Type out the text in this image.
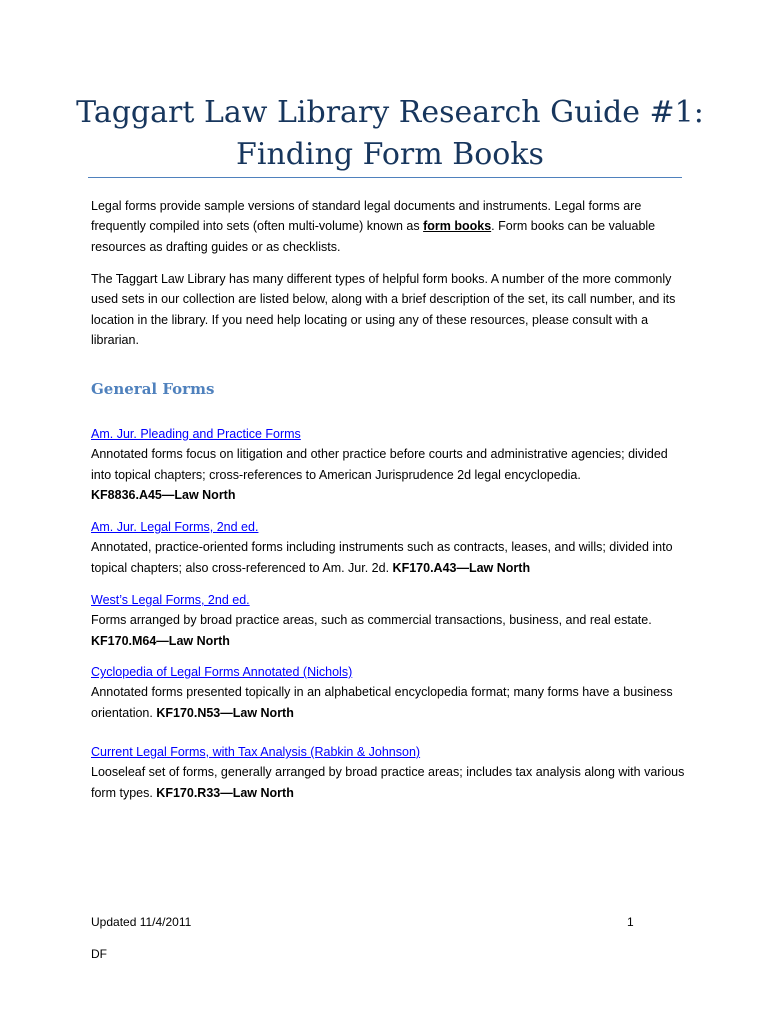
Taggart Law Library Research Guide #1:
Finding Form Books
Legal forms provide sample versions of standard legal documents and instruments. Legal forms are frequently compiled into sets (often multi-volume) known as form books. Form books can be valuable resources as drafting guides or as checklists.
The Taggart Law Library has many different types of helpful form books. A number of the more commonly used sets in our collection are listed below, along with a brief description of the set, its call number, and its location in the library. If you need help locating or using any of these resources, please consult with a librarian.
General Forms
Am. Jur. Pleading and Practice Forms
Annotated forms focus on litigation and other practice before courts and administrative agencies; divided into topical chapters; cross-references to American Jurisprudence 2d legal encyclopedia.
KF8836.A45—Law North
Am. Jur. Legal Forms, 2nd ed.
Annotated, practice-oriented forms including instruments such as contracts, leases, and wills; divided into topical chapters; also cross-referenced to Am. Jur. 2d. KF170.A43—Law North
West’s Legal Forms, 2nd ed.
Forms arranged by broad practice areas, such as commercial transactions, business, and real estate.
KF170.M64—Law North
Cyclopedia of Legal Forms Annotated (Nichols)
Annotated forms presented topically in an alphabetical encyclopedia format; many forms have a business orientation. KF170.N53—Law North
Current Legal Forms, with Tax Analysis (Rabkin & Johnson)
Looseleaf set of forms, generally arranged by broad practice areas; includes tax analysis along with various form types. KF170.R33—Law North
Updated 11/4/2011	1
DF
